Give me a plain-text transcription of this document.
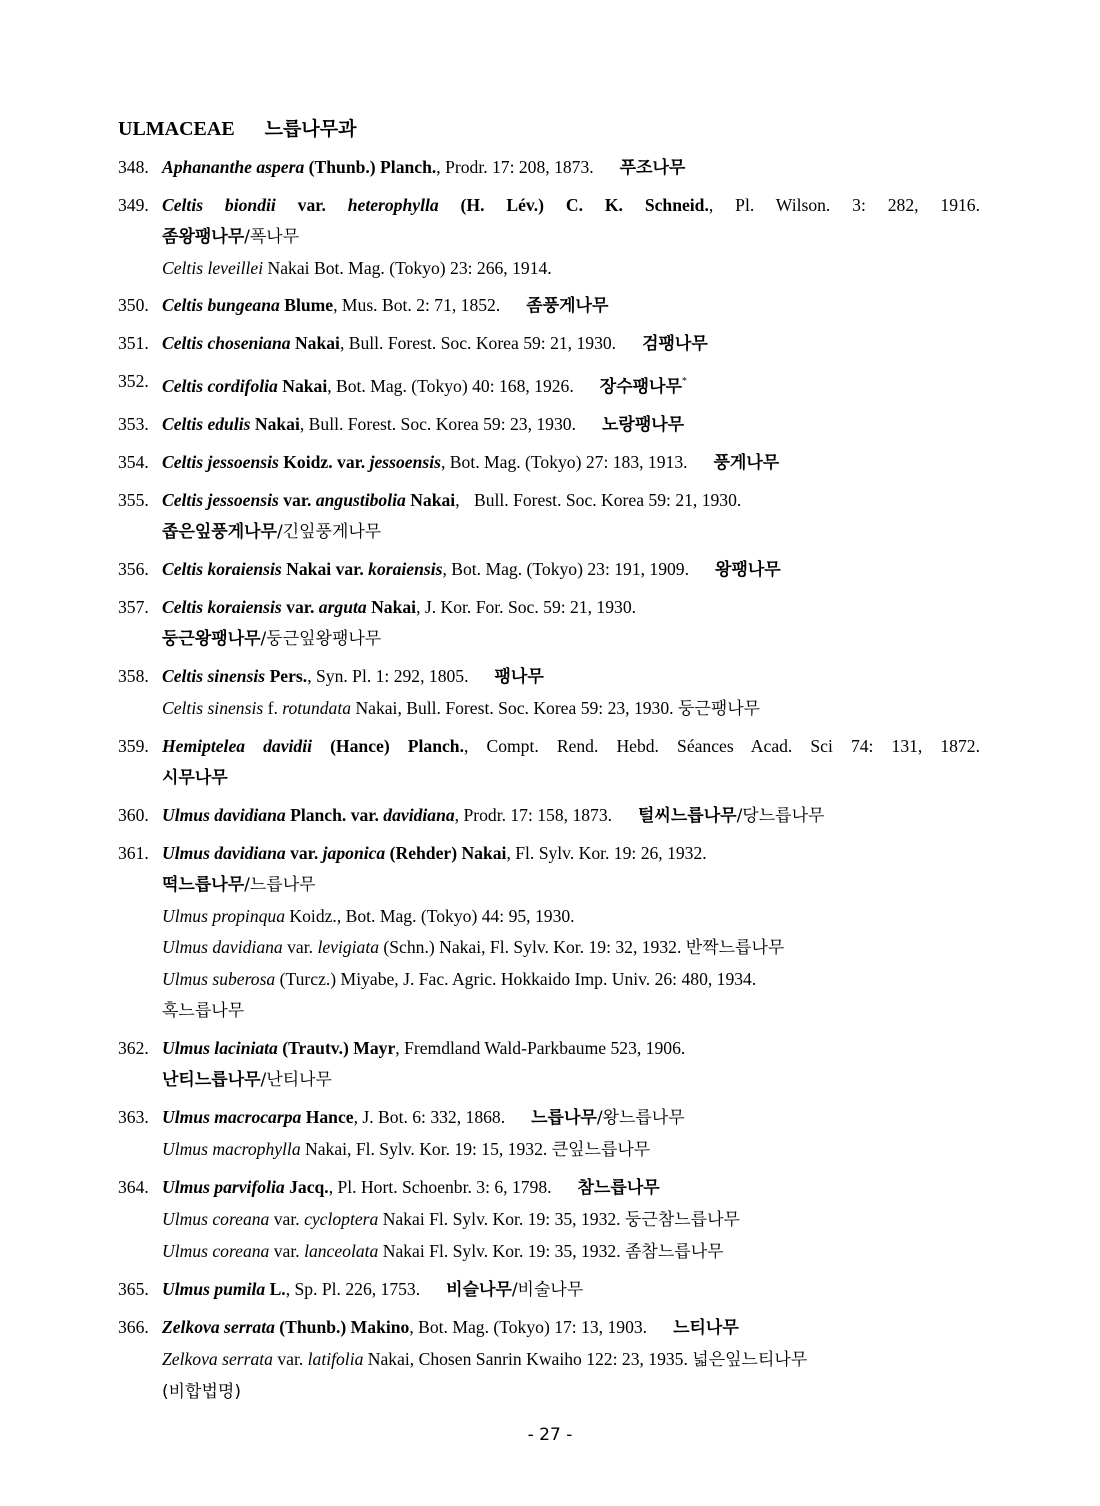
ULMACEAE 느릅나무과
348. Aphananthe aspera (Thunb.) Planch., Prodr. 17: 208, 1873. 푸조나무
349. Celtis biondii var. heterophylla (H. Lév.) C. K. Schneid., Pl. Wilson. 3: 282, 1916.
좀왕팽나무/폭나무
Celtis leveillei Nakai Bot. Mag. (Tokyo) 23: 266, 1914.
350. Celtis bungeana Blume, Mus. Bot. 2: 71, 1852. 좀풍게나무
351. Celtis choseniana Nakai, Bull. Forest. Soc. Korea 59: 21, 1930. 검팽나무
352. Celtis cordifolia Nakai, Bot. Mag. (Tokyo) 40: 168, 1926. 장수팽나무*
353. Celtis edulis Nakai, Bull. Forest. Soc. Korea 59: 23, 1930. 노랑팽나무
354. Celtis jessoensis Koidz. var. jessoensis, Bot. Mag. (Tokyo) 27: 183, 1913. 풍게나무
355. Celtis jessoensis var. angustibolia Nakai, Bull. Forest. Soc. Korea 59: 21, 1930.
좁은잎풍게나무/긴잎풍게나무
356. Celtis koraiensis Nakai var. koraiensis, Bot. Mag. (Tokyo) 23: 191, 1909. 왕팽나무
357. Celtis koraiensis var. arguta Nakai, J. Kor. For. Soc. 59: 21, 1930.
둥근왕팽나무/둥근잎왕팽나무
358. Celtis sinensis Pers., Syn. Pl. 1: 292, 1805. 팽나무
Celtis sinensis f. rotundata Nakai, Bull. Forest. Soc. Korea 59: 23, 1930. 둥근팽나무
359. Hemiptelea davidii (Hance) Planch., Compt. Rend. Hebd. Séances Acad. Sci 74: 131, 1872.
시무나무
360. Ulmus davidiana Planch. var. davidiana, Prodr. 17: 158, 1873. 털씨느릅나무/당느릅나무
361. Ulmus davidiana var. japonica (Rehder) Nakai, Fl. Sylv. Kor. 19: 26, 1932.
떡느릅나무/느릅나무
Ulmus propinqua Koidz., Bot. Mag. (Tokyo) 44: 95, 1930.
Ulmus davidiana var. levigiata (Schn.) Nakai, Fl. Sylv. Kor. 19: 32, 1932. 반짝느릅나무
Ulmus suberosa (Turcz.) Miyabe, J. Fac. Agric. Hokkaido Imp. Univ. 26: 480, 1934.
혹느릅나무
362. Ulmus laciniata (Trautv.) Mayr, Fremdland Wald-Parkbaume 523, 1906.
난티느릅나무/난티나무
363. Ulmus macrocarpa Hance, J. Bot. 6: 332, 1868. 느릅나무/왕느릅나무
Ulmus macrophylla Nakai, Fl. Sylv. Kor. 19: 15, 1932. 큰잎느릅나무
364. Ulmus parvifolia Jacq., Pl. Hort. Schoenbr. 3: 6, 1798. 참느릅나무
Ulmus coreana var. cycloptera Nakai Fl. Sylv. Kor. 19: 35, 1932. 둥근참느릅나무
Ulmus coreana var. lanceolata Nakai Fl. Sylv. Kor. 19: 35, 1932. 좀참느릅나무
365. Ulmus pumila L., Sp. Pl. 226, 1753. 비슬나무/비술나무
366. Zelkova serrata (Thunb.) Makino, Bot. Mag. (Tokyo) 17: 13, 1903. 느티나무
Zelkova serrata var. latifolia Nakai, Chosen Sanrin Kwaiho 122: 23, 1935. 넓은잎느티나무
(비합법명)
- 27 -
